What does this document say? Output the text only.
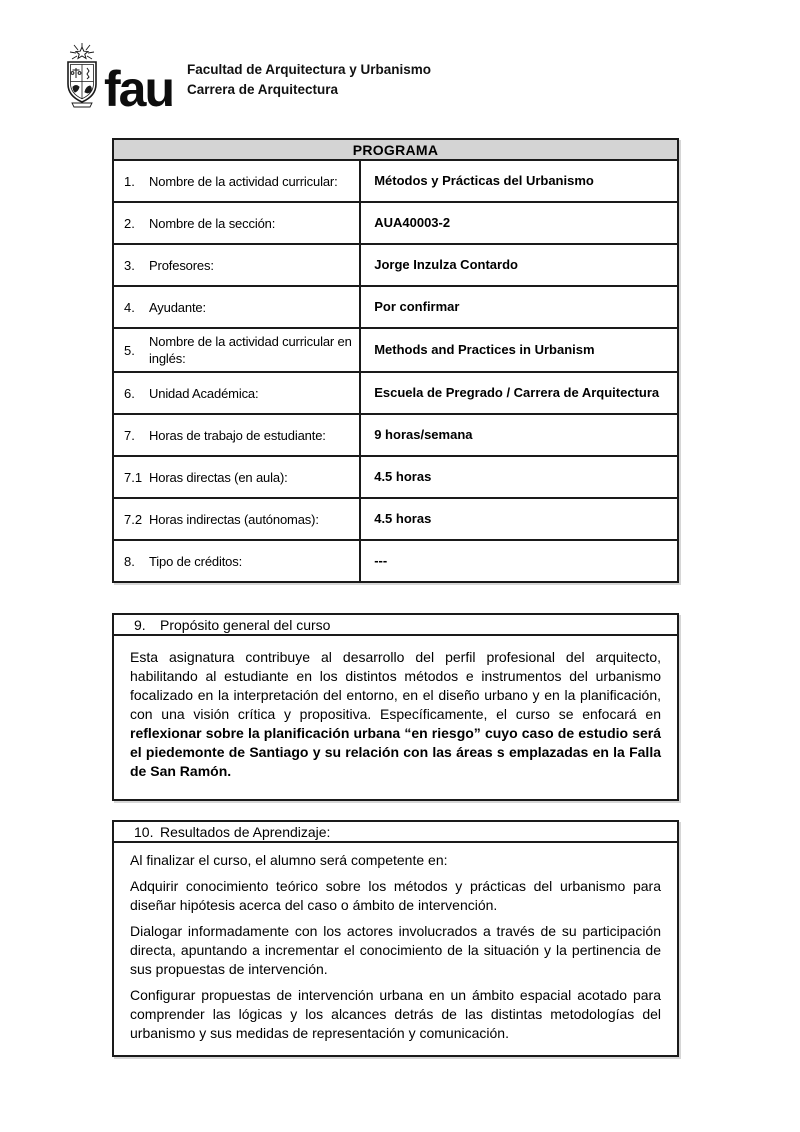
fau Facultad de Arquitectura y Urbanismo
Carrera de Arquitectura
PROGRAMA	

1. Nombre de la actividad curricular:	Métodos y Prácticas del Urbanismo

2. Nombre de la sección:	AUA40003-2

3. Profesores:	Jorge Inzulza Contardo

4. Ayudante:	Por confirmar

5.
Nombre de la actividad curricular en inglés:	Methods and Practices in Urbanism

6. Unidad Académica:	Escuela de Pregrado / Carrera de Arquitectura

7. Horas de trabajo de estudiante:	9 horas/semana

7.1 Horas directas (en aula):	4.5 horas

7.2 Horas indirectas (autónomas):	4.5 horas

8. Tipo de créditos:	---
9.	Propósito general del curso

Esta asignatura contribuye al desarrollo del perfil profesional del arquitecto, habilitando al estudiante en los distintos métodos e instrumentos del urbanismo focalizado en la interpretación del entorno, en el diseño urbano y en la planificación, con una visión crítica y propositiva. Específicamente, el curso se enfocará en reflexionar sobre la planificación urbana “en riesgo” cuyo caso de estudio será el piedemonte de Santiago y su relación con las áreas s emplazadas en la Falla de San Ramón.

10. Resultados de Aprendizaje:

Al finalizar el curso, el alumno será competente en:

Adquirir conocimiento teórico sobre los métodos y prácticas del urbanismo para diseñar hipótesis acerca del caso o ámbito de intervención.

Dialogar informadamente con los actores involucrados a través de su participación directa, apuntando a incrementar el conocimiento de la situación y la pertinencia de sus propuestas de intervención.

Configurar propuestas de intervención urbana en un ámbito espacial acotado para comprender las lógicas y los alcances detrás de las distintas metodologías del urbanismo y sus medidas de representación y comunicación.
